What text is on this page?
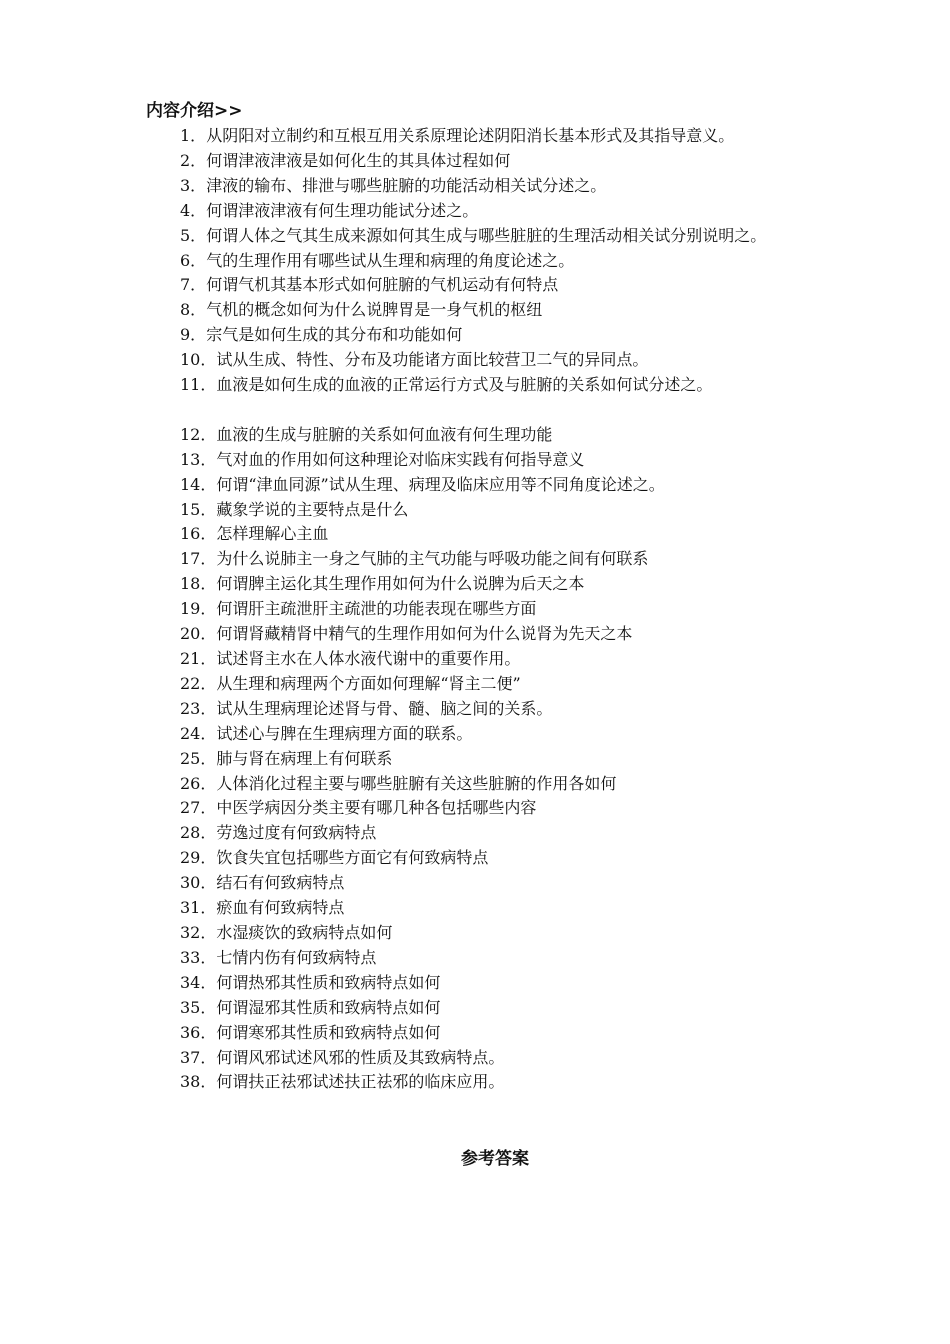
内容介绍>>
1．从阴阳对立制约和互根互用关系原理论述阴阳消长基本形式及其指导意义。
2．何谓津液津液是如何化生的其具体过程如何
3．津液的输布、排泄与哪些脏腑的功能活动相关试分述之。
4．何谓津液津液有何生理功能试分述之。
5．何谓人体之气其生成来源如何其生成与哪些脏脏的生理活动相关试分别说明之。
6．气的生理作用有哪些试从生理和病理的角度论述之。
7．何谓气机其基本形式如何脏腑的气机运动有何特点
8．气机的概念如何为什么说脾胃是一身气机的枢纽
9．宗气是如何生成的其分布和功能如何
10．试从生成、特性、分布及功能诸方面比较营卫二气的异同点。
11．血液是如何生成的血液的正常运行方式及与脏腑的关系如何试分述之。
12．血液的生成与脏腑的关系如何血液有何生理功能
13．气对血的作用如何这种理论对临床实践有何指导意义
14．何谓“津血同源”试从生理、病理及临床应用等不同角度论述之。
15．藏象学说的主要特点是什么
16．怎样理解心主血
17．为什么说肺主一身之气肺的主气功能与呼吸功能之间有何联系
18．何谓脾主运化其生理作用如何为什么说脾为后天之本
19．何谓肝主疏泄肝主疏泄的功能表现在哪些方面
20．何谓肾藏精肾中精气的生理作用如何为什么说肾为先天之本
21．试述肾主水在人体水液代谢中的重要作用。
22．从生理和病理两个方面如何理解“肾主二便”
23．试从生理病理论述肾与骨、髓、脑之间的关系。
24．试述心与脾在生理病理方面的联系。
25．肺与肾在病理上有何联系
26．人体消化过程主要与哪些脏腑有关这些脏腑的作用各如何
27．中医学病因分类主要有哪几种各包括哪些内容
28．劳逸过度有何致病特点
29．饮食失宜包括哪些方面它有何致病特点
30．结石有何致病特点
31．瘀血有何致病特点
32．水湿痰饮的致病特点如何
33．七情内伤有何致病特点
34．何谓热邪其性质和致病特点如何
35．何谓湿邪其性质和致病特点如何
36．何谓寒邪其性质和致病特点如何
37．何谓风邪试述风邪的性质及其致病特点。
38．何谓扶正祛邪试述扶正祛邪的临床应用。
参考答案
